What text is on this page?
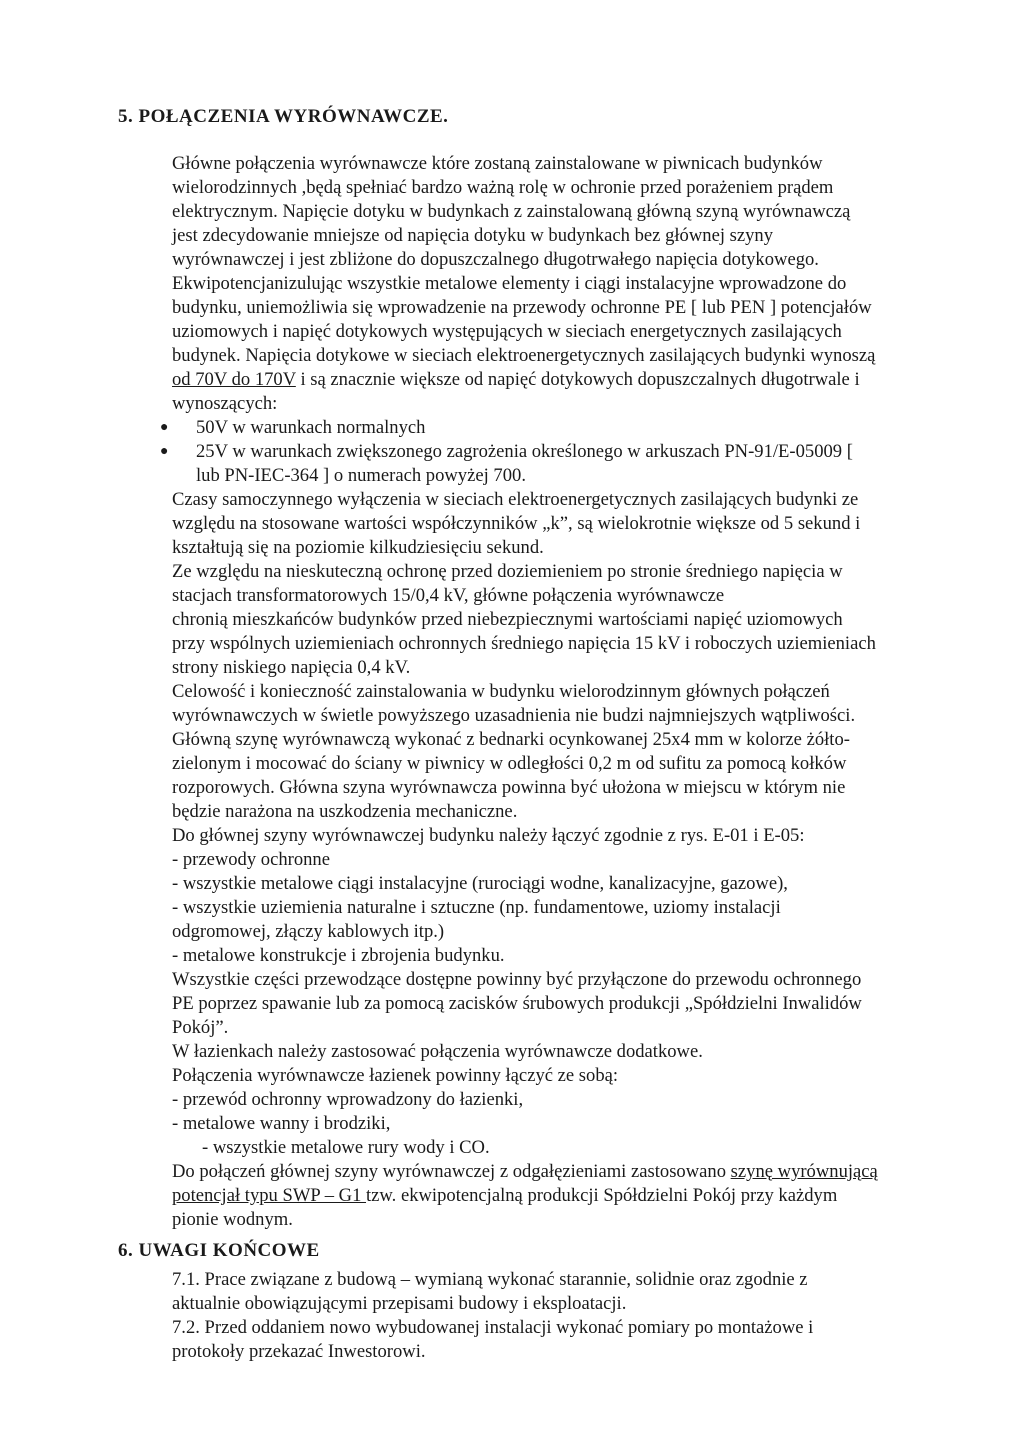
5. POŁĄCZENIA WYRÓWNAWCZE.
Główne połączenia wyrównawcze które zostaną zainstalowane w piwnicach budynków
wielorodzinnych ,będą spełniać bardzo ważną rolę w ochronie przed porażeniem prądem
elektrycznym. Napięcie dotyku w budynkach z zainstalowaną główną szyną wyrównawczą
jest zdecydowanie mniejsze od napięcia dotyku w budynkach bez głównej szyny
wyrównawczej i jest zbliżone do dopuszczalnego długotrwałego napięcia dotykowego.
Ekwipotencjanizulując wszystkie metalowe elementy i ciągi instalacyjne wprowadzone do
budynku, uniemożliwia się wprowadzenie na przewody ochronne PE [ lub PEN ] potencjałów
uziomowych i napięć dotykowych występujących w sieciach energetycznych zasilających
budynek. Napięcia dotykowe w sieciach elektroenergetycznych zasilających budynki wynoszą
od 70V do 170V i są znacznie większe od napięć dotykowych dopuszczalnych długotrwale i
wynoszących:
● 50V w warunkach normalnych
● 25V w warunkach zwiększonego zagrożenia określonego w arkuszach PN-91/E-05009 [
lub PN-IEC-364 ] o numerach powyżej 700.
Czasy samoczynnego wyłączenia w sieciach elektroenergetycznych zasilających budynki ze
względu na stosowane wartości współczynników „k”, są wielokrotnie większe od 5 sekund i
kształtują się na poziomie kilkudziesięciu sekund.
Ze względu na nieskuteczną ochronę przed doziemieniem po stronie średniego napięcia w
stacjach transformatorowych 15/0,4 kV, główne połączenia wyrównawcze
chronią mieszkańców budynków przed niebezpiecznymi wartościami napięć uziomowych
przy wspólnych uziemieniach ochronnych średniego napięcia 15 kV i roboczych uziemieniach
strony niskiego napięcia 0,4 kV.
Celowość i konieczność zainstalowania w budynku wielorodzinnym głównych połączeń
wyrównawczych w świetle powyższego uzasadnienia nie budzi najmniejszych wątpliwości.
Główną szynę wyrównawczą wykonać z bednarki ocynkowanej 25x4 mm w kolorze żółto-
zielonym i mocować do ściany w piwnicy w odległości 0,2 m od sufitu za pomocą kołków
rozporowych. Główna szyna wyrównawcza powinna być ułożona w miejscu w którym nie
będzie narażona na uszkodzenia mechaniczne.
Do głównej szyny wyrównawczej budynku należy łączyć zgodnie z rys. E-01 i E-05:
- przewody ochronne
- wszystkie metalowe ciągi instalacyjne (rurociągi wodne, kanalizacyjne, gazowe),
- wszystkie uziemienia naturalne i sztuczne (np. fundamentowe, uziomy instalacji
odgromowej, złączy kablowych itp.)
- metalowe konstrukcje i zbrojenia budynku.
Wszystkie części przewodzące dostępne powinny być przyłączone do przewodu ochronnego
PE poprzez spawanie lub za pomocą zacisków śrubowych produkcji „Spółdzielni Inwalidów
Pokój”.
W łazienkach należy zastosować połączenia wyrównawcze dodatkowe.
Połączenia wyrównawcze łazienek powinny łączyć ze sobą:
- przewód ochronny wprowadzony do łazienki,
- metalowe wanny i brodziki,
- wszystkie metalowe rury wody i CO.
Do połączeń głównej szyny wyrównawczej z odgałęzieniami zastosowano szynę wyrównującą
potencjał typu SWP – G1 tzw. ekwipotencjalną produkcji Spółdzielni Pokój przy każdym
pionie wodnym.
6. UWAGI KOŃCOWE
7.1. Prace związane z budową – wymianą wykonać starannie, solidnie oraz zgodnie z
aktualnie obowiązującymi przepisami budowy i eksploatacji.
7.2. Przed oddaniem nowo wybudowanej instalacji wykonać pomiary po montażowe i
protokoły przekazać Inwestorowi.
